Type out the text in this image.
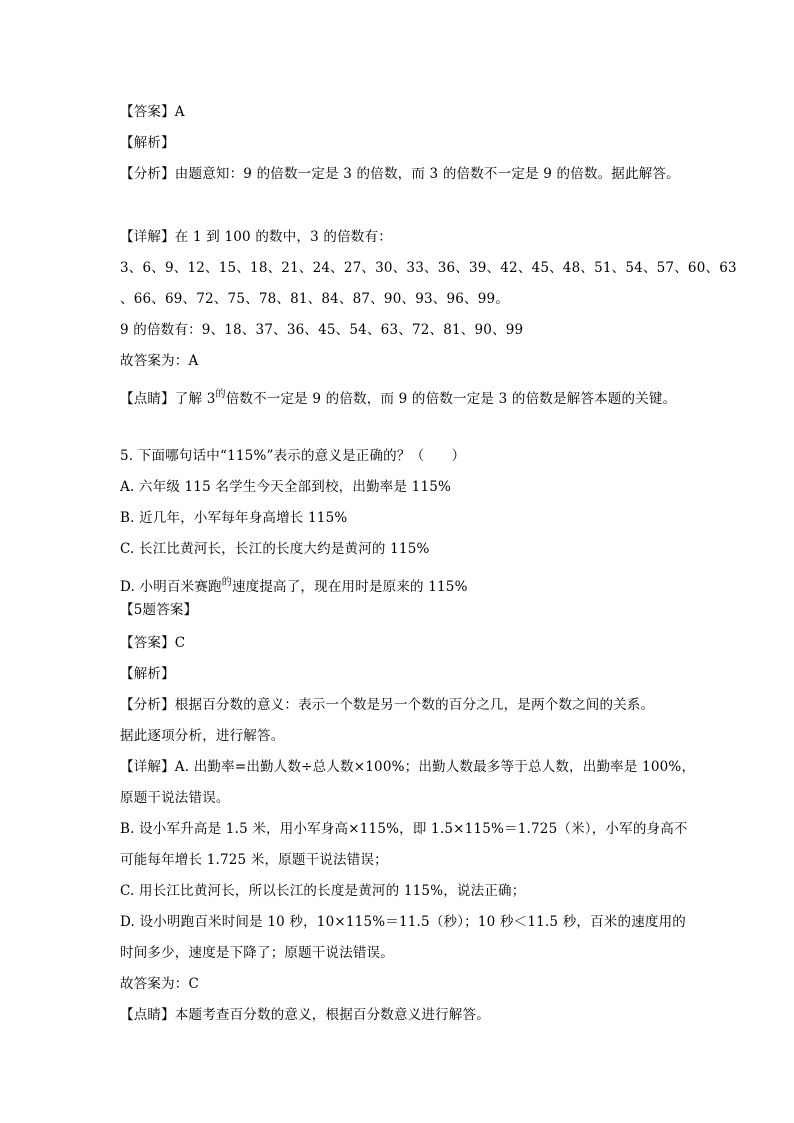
【答案】A
【解析】
【分析】由题意知：9 的倍数一定是 3 的倍数，而 3 的倍数不一定是 9 的倍数。据此解答。
【详解】在 1 到 100 的数中，3 的倍数有：
3、6、9、12、15、18、21、24、27、30、33、36、39、42、45、48、51、54、57、60、63
、66、69、72、75、78、81、84、87、90、93、96、99。
9 的倍数有：9、18、37、36、45、54、63、72、81、90、99
故答案为：A
【点睛】了解 $3^的$倍数不一定是 9 的倍数，而 9 的倍数一定是 3 的倍数是解答本题的关键。
5. 下面哪句话中“115%”表示的意义是正确的？（　　）
A. 六年级 115 名学生今天全部到校，出勤率是 115%
B. 近几年，小军每年身高增长 115%
C. 长江比黄河长，长江的长度大约是黄河的 115%
D. 小明百米赛跑$^的$速度提高了，现在用时是原来的 115%
【5题答案】
【答案】C
【解析】
【分析】根据百分数的意义：表示一个数是另一个数的百分之几，是两个数之间的关系。
据此逐项分析，进行解答。
【详解】A. 出勤率=出勤人数÷总人数×100%；出勤人数最多等于总人数，出勤率是 100%，
原题干说法错误。
B. 设小军升高是 1.5 米，用小军身高×115%，即 1.5×115%＝1.725（米），小军的身高不
可能每年增长 1.725 米，原题干说法错误；
C. 用长江比黄河长，所以长江的长度是黄河的 115%，说法正确；
D. 设小明跑百米时间是 10 秒，10×115%＝11.5（秒）；10 秒＜11.5 秒，百米的速度用的
时间多少，速度是下降了；原题干说法错误。
故答案为：C
【点睛】本题考查百分数的意义，根据百分数意义进行解答。
